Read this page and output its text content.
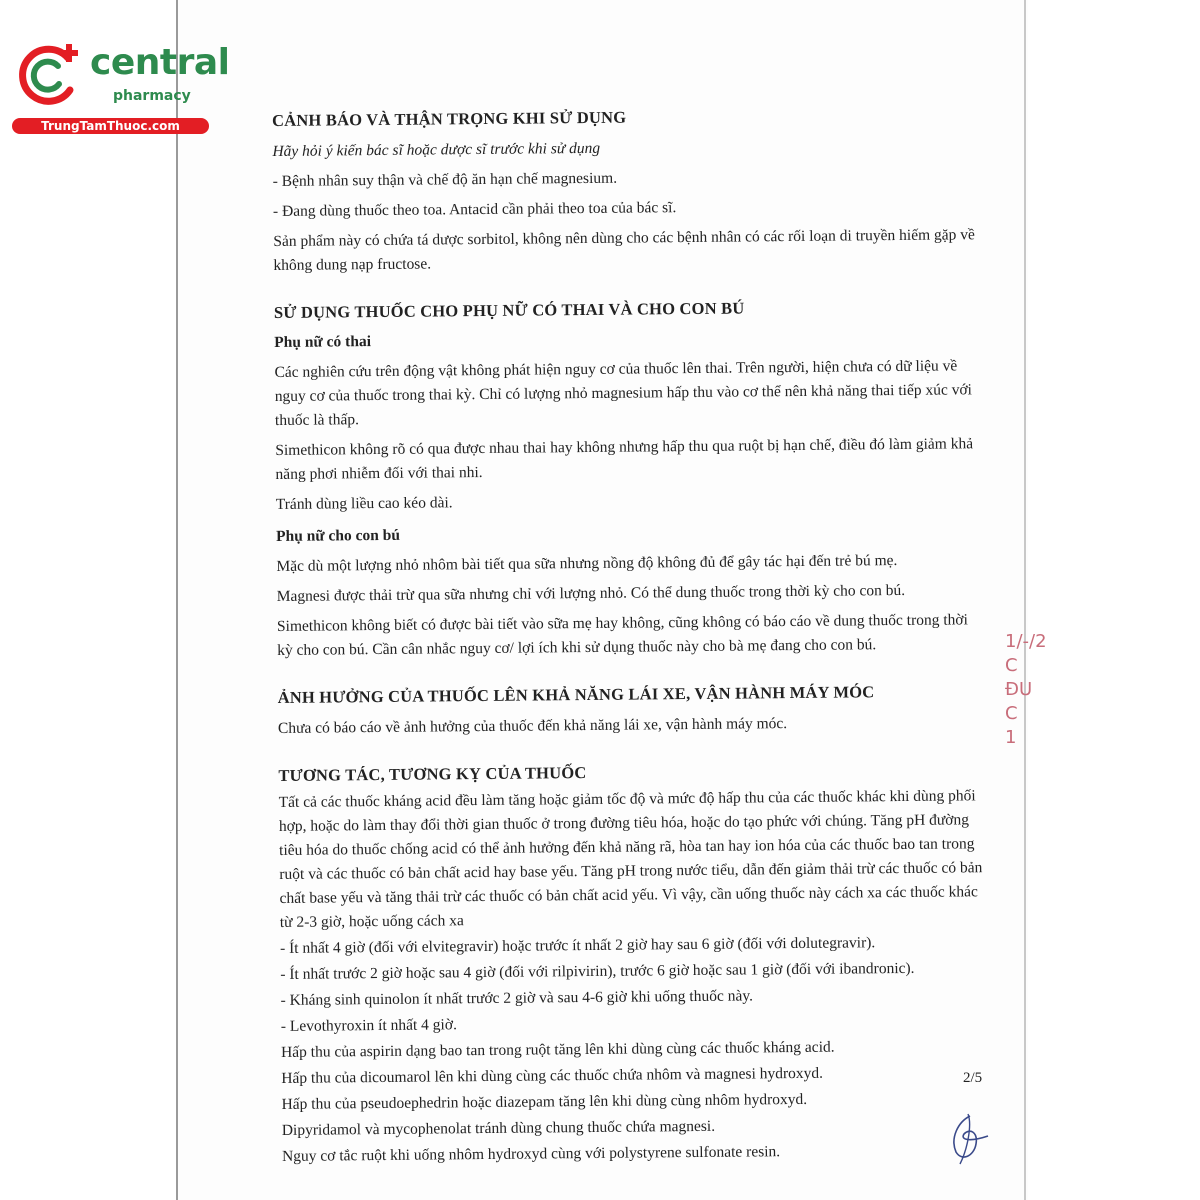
central
pharmacy
TrungTamThuoc.com	CẢNH BÁO VÀ THẬN TRỌNG KHI SỬ DỤNG

Hãy hỏi ý kiến bác sĩ hoặc dược sĩ trước khi sử dụng

- Bệnh nhân suy thận và chế độ ăn hạn chế magnesium.

- Đang dùng thuốc theo toa. Antacid cần phải theo toa của bác sĩ.

Sản phẩm này có chứa tá dược sorbitol, không nên dùng cho các bệnh nhân có các rối loạn di truyền hiếm gặp về không dung nạp fructose.

SỬ DỤNG THUỐC CHO PHỤ NỮ CÓ THAI VÀ CHO CON BÚ

Phụ nữ có thai

Các nghiên cứu trên động vật không phát hiện nguy cơ của thuốc lên thai. Trên người, hiện chưa có dữ liệu về nguy cơ của thuốc trong thai kỳ. Chỉ có lượng nhỏ magnesium hấp thu vào cơ thể nên khả năng thai tiếp xúc với thuốc là thấp.

Simethicon không rõ có qua được nhau thai hay không nhưng hấp thu qua ruột bị hạn chế, điều đó làm giảm khả năng phơi nhiễm đối với thai nhi.

Tránh dùng liều cao kéo dài.

Phụ nữ cho con bú

Mặc dù một lượng nhỏ nhôm bài tiết qua sữa nhưng nồng độ không đủ để gây tác hại đến trẻ bú mẹ.

Magnesi được thải trừ qua sữa nhưng chỉ với lượng nhỏ. Có thể dung thuốc trong thời kỳ cho con bú.

Simethicon không biết có được bài tiết vào sữa mẹ hay không, cũng không có báo cáo về dung thuốc trong thời kỳ cho con bú. Cần cân nhắc nguy cơ/ lợi ích khi sử dụng thuốc này cho bà mẹ đang cho con bú.

ẢNH HƯỞNG CỦA THUỐC LÊN KHẢ NĂNG LÁI XE, VẬN HÀNH MÁY MÓC

Chưa có báo cáo về ảnh hưởng của thuốc đến khả năng lái xe, vận hành máy móc.

TƯƠNG TÁC, TƯƠNG KỴ CỦA THUỐC

Tất cả các thuốc kháng acid đều làm tăng hoặc giảm tốc độ và mức độ hấp thu của các thuốc khác khi dùng phối hợp, hoặc do làm thay đổi thời gian thuốc ở trong đường tiêu hóa, hoặc do tạo phức với chúng. Tăng pH đường tiêu hóa do thuốc chống acid có thể ảnh hưởng đến khả năng rã, hòa tan hay ion hóa của các thuốc bao tan trong ruột và các thuốc có bản chất acid hay base yếu. Tăng pH trong nước tiểu, dẫn đến giảm thải trừ các thuốc có bản chất base yếu và tăng thải trừ các thuốc có bản chất acid yếu. Vì vậy, cần uống thuốc này cách xa các thuốc khác từ 2-3 giờ, hoặc uống cách xa

- Ít nhất 4 giờ (đối với elvitegravir) hoặc trước ít nhất 2 giờ hay sau 6 giờ (đối với dolutegravir).

- Ít nhất trước 2 giờ hoặc sau 4 giờ (đối với rilpivirin), trước 6 giờ hoặc sau 1 giờ (đối với ibandronic).

- Kháng sinh quinolon ít nhất trước 2 giờ và sau 4-6 giờ khi uống thuốc này.

- Levothyroxin ít nhất 4 giờ.

Hấp thu của aspirin dạng bao tan trong ruột tăng lên khi dùng cùng các thuốc kháng acid.

Hấp thu của dicoumarol lên khi dùng cùng các thuốc chứa nhôm và magnesi hydroxyd.

Hấp thu của pseudoephedrin hoặc diazepam tăng lên khi dùng cùng nhôm hydroxyd.

Dipyridamol và mycophenolat tránh dùng chung thuốc chứa magnesi.

Nguy cơ tắc ruột khi uống nhôm hydroxyd cùng với polystyrene sulfonate resin.

2/5
1/-/2 C ĐU C 1
